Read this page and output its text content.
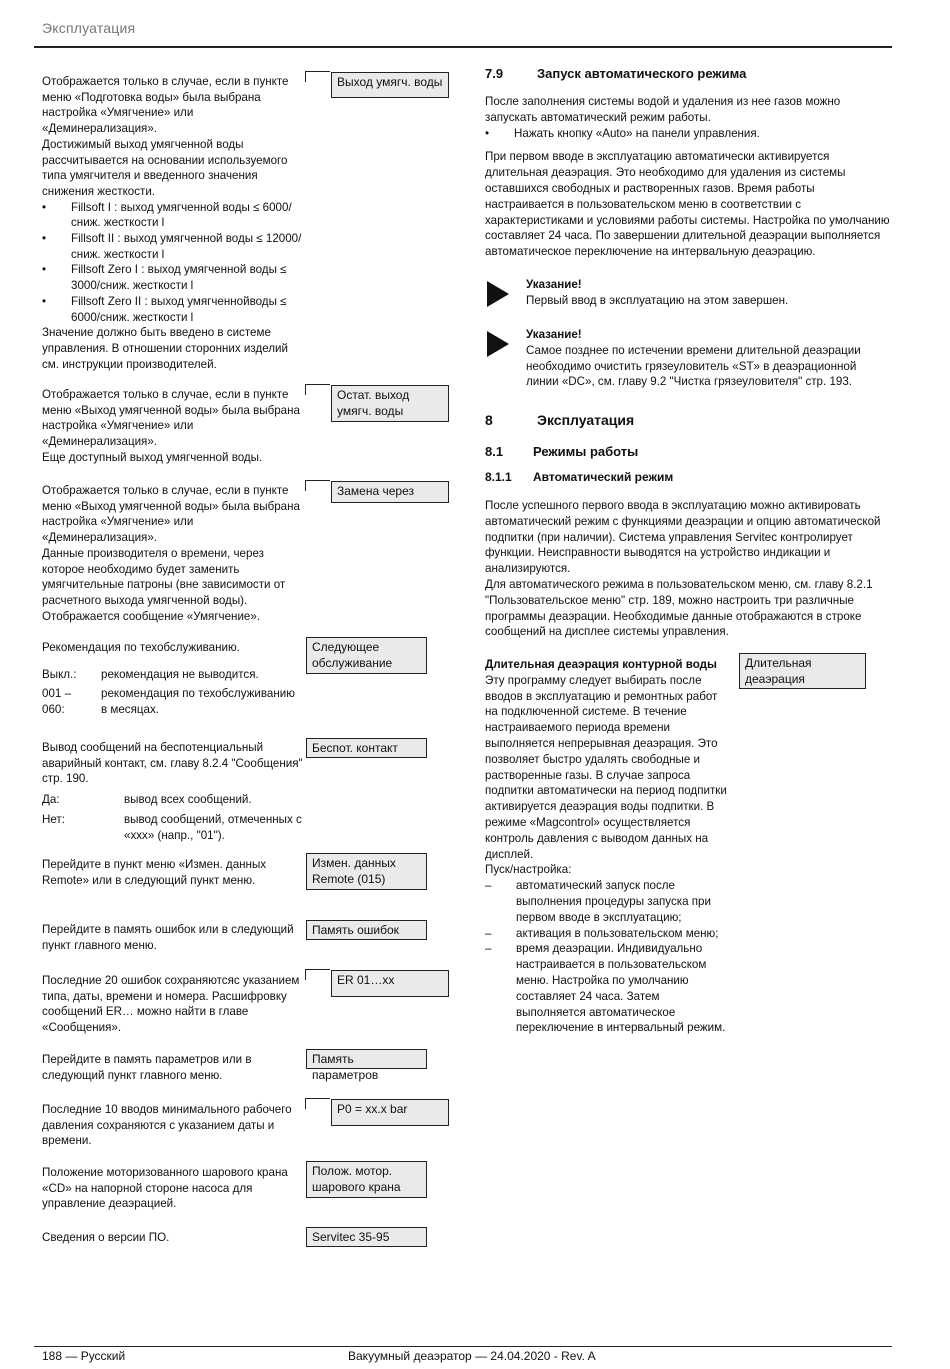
Эксплуатация
188 — Русский	Вакуумный деаэратор — 24.04.2020 - Rev. A

Отображается только в случае, если в пункте меню «Подготовка воды» была выбрана настройка «Умягчение» или «Деминерализация».

Достижимый выход умягченной воды рассчитывается на основании используемого типа умягчителя и введенного значения снижения жесткости.

• Fillsoft I : выход умягченной воды ≤ 6000/сниж. жесткости l
• Fillsoft II : выход умягченной воды ≤ 12000/сниж. жесткости l
• Fillsoft Zero I : выход умягченной воды ≤ 3000/сниж. жесткости l
• Fillsoft Zero II : выход умягченнойводы ≤ 6000/сниж. жесткости l

Значение должно быть введено в системе управления. В отношении сторонних изделий см. инструкции производителей.

Выход умягч. воды

Отображается только в случае, если в пункте меню «Выход умягченной воды» была выбрана настройка «Умягчение» или «Деминерализация».

Еще доступный выход умягченной воды.

Остат. выход умягч. воды

Отображается только в случае, если в пункте меню «Выход умягченной воды» была выбрана настройка «Умягчение» или «Деминерализация».

Данные производителя о времени, через которое необходимо будет заменить умягчительные патроны (вне зависимости от расчетного выхода умягченной воды).

Отображается сообщение «Умягчение».

Замена через

Рекомендация по техобслуживанию.

Выкл.: рекомендация не выводится.
001 – 060:
рекомендация по техобслуживанию в месяцах.
Следующее обслуживание

Вывод сообщений на беспотенциальный аварийный контакт, см. главу 8.2.4 "Сообщения" стр. 190.

Да:	вывод всех сообщений.
Нет:	вывод сообщений, отмеченных с «xxx» (напр., "01").
Беспот. контакт

Перейдите в пункт меню «Измен. данных Remote» или в следующий пункт меню.

Измен. данных Remote (015)

Перейдите в память ошибок или в следующий пункт главного меню.

Память ошибок

Последние 20 ошибок сохраняютсяс указанием типа, даты, времени и номера. Расшифровку сообщений ER… можно найти в главе «Сообщения».

ER 01…xx

Перейдите в память параметров или в следующий пункт главного меню.

Память параметров

Последние 10 вводов минимального рабочего давления сохраняются с указанием даты и времени.

P0 = xx.x bar

Положение моторизованного шарового крана «CD» на напорной стороне насоса для управление деаэрацией.

Полож. мотор. шарового крана

Сведения о версии ПО.	Servitec 35-95
7.9	Запуск автоматического режима

После заполнения системы водой и удаления из нее газов можно запускать автоматический режим работы.

• Нажать кнопку «Auto» на панели управления.

При первом вводе в эксплуатацию автоматически активируется длительная деаэрация. Это необходимо для удаления из системы оставшихся свободных и растворенных газов. Время работы настраивается в пользовательском меню в соответствии с характеристиками и условиями работы системы. Настройка по умолчанию составляет 24 часа. По завершении длительной деаэрации выполняется автоматическое переключение на интервальную деаэрацию.

Указание!
Первый ввод в эксплуатацию на этом завершен.
Указание!
Самое позднее по истечении времени длительной деаэрации необходимо очистить грязеуловитель «ST» в деаэрационной линии «DC», см. главу 9.2 "Чистка грязеуловителя" стр. 193.
8	Эксплуатация
8.1 Режимы работы
8.1.1 Автоматический режим

После успешного первого ввода в эксплуатацию можно активировать автоматический режим с функциями деаэрации и опцию автоматической подпитки (при наличии). Система управления Servitec контролирует функции. Неисправности выводятся на устройство индикации и анализируются.

Для автоматического режима в пользовательском меню, см. главу 8.2.1 "Пользовательское меню" стр. 189, можно настроить три различные программы деаэрации. Необходимые данные отображаются в строке сообщений на дисплее системы управления.

Длительная деаэрация контурной воды

Эту программу следует выбирать после вводов в эксплуатацию и ремонтных работ на подключенной системе. В течение настраиваемого периода времени выполняется непрерывная деаэрация. Это позволяет быстро удалять свободные и растворенные газы. В случае запроса подпитки автоматически на период подпитки активируется деаэрация воды подпитки. В режиме «Magcontrol» осуществляется контроль давления с выводом данных на дисплей.

Пуск/настройка:

– автоматический запуск после выполнения процедуры запуска при первом вводе в эксплуатацию;
– активация в пользовательском меню;
– время деаэрации. Индивидуально настраивается в пользовательском меню. Настройка по умолчанию составляет 24 часа. Затем выполняется автоматическое переключение в интервальный режим.
Длительная деаэрация
